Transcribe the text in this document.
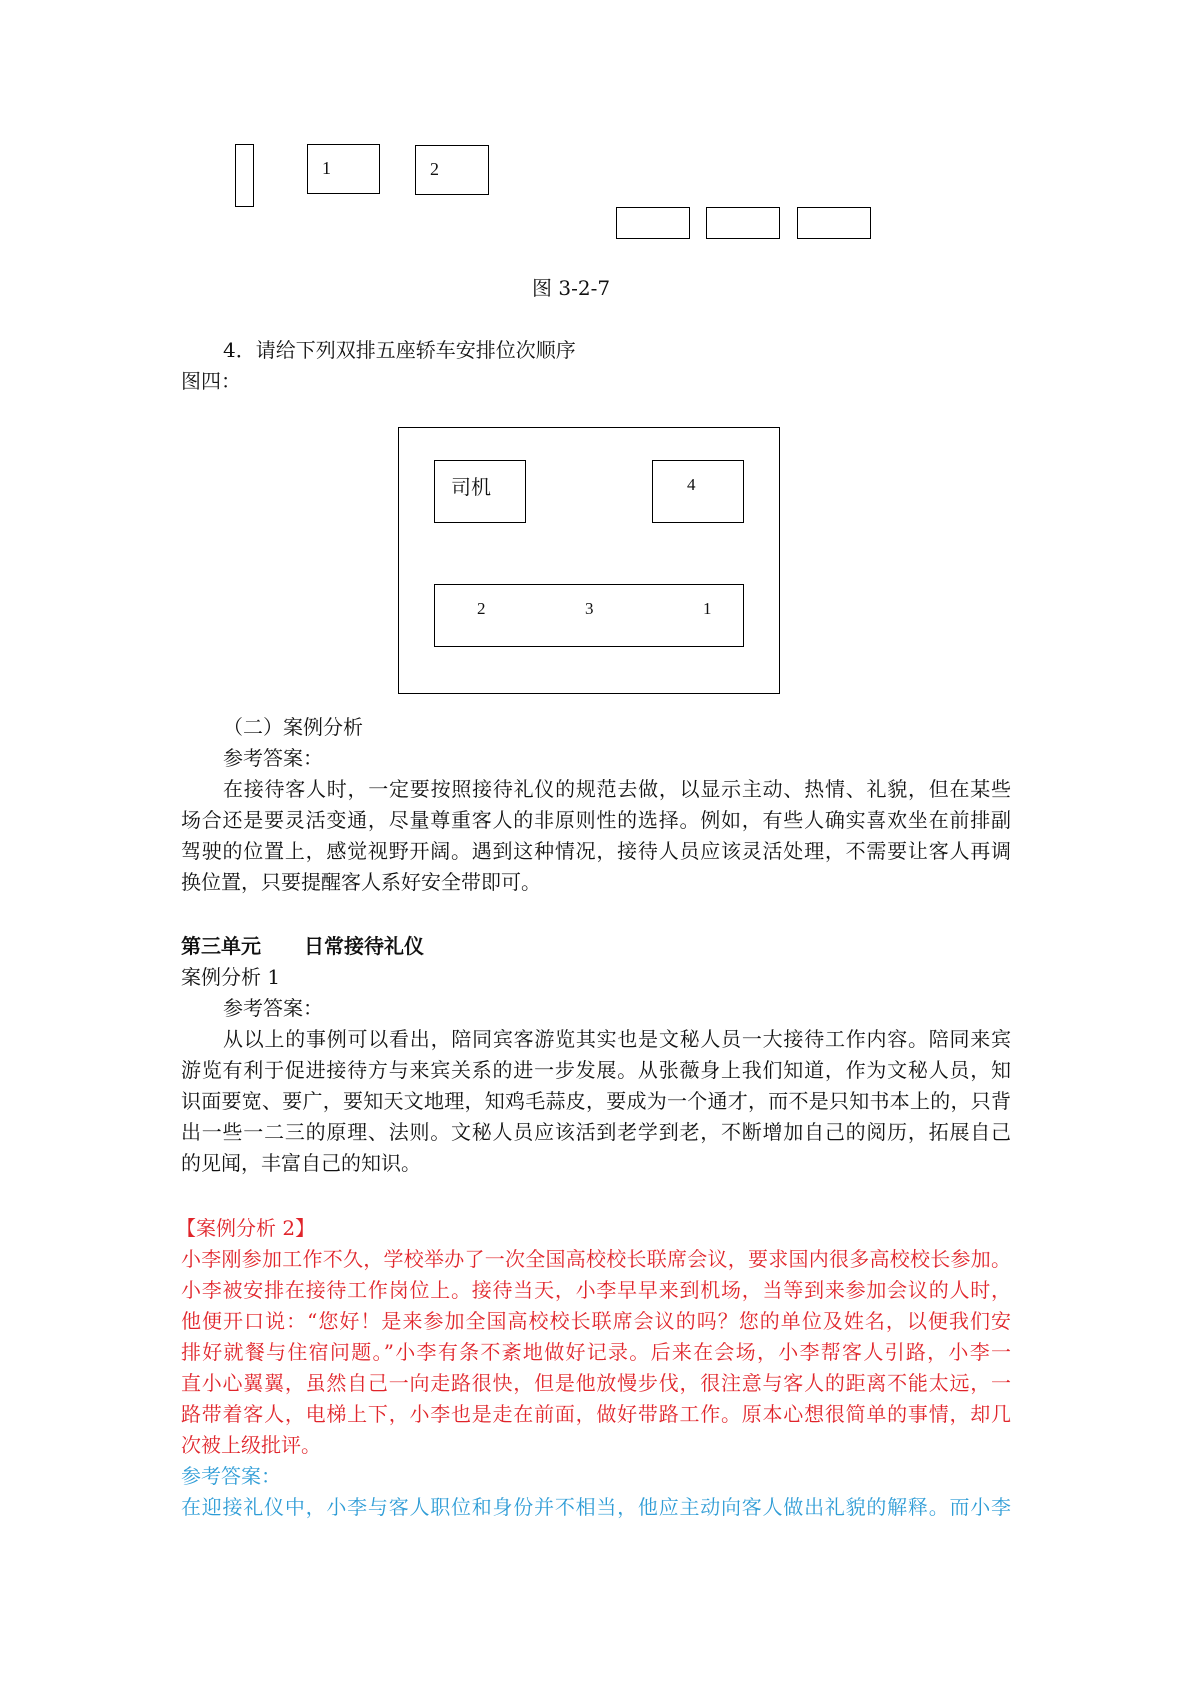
1	2
图 3-2-7
4．请给下列双排五座轿车安排位次顺序
图四：
司机	4
2	3	1
（二）案例分析
参考答案：
在接待客人时，一定要按照接待礼仪的规范去做，以显示主动、热情、礼貌，但在某些
场合还是要灵活变通，尽量尊重客人的非原则性的选择。例如，有些人确实喜欢坐在前排副
驾驶的位置上，感觉视野开阔。遇到这种情况，接待人员应该灵活处理，不需要让客人再调
换位置，只要提醒客人系好安全带即可。
第三单元 日常接待礼仪
案例分析 1
参考答案：
从以上的事例可以看出，陪同宾客游览其实也是文秘人员一大接待工作内容。陪同来宾
游览有利于促进接待方与来宾关系的进一步发展。从张薇身上我们知道，作为文秘人员，知
识面要宽、要广，要知天文地理，知鸡毛蒜皮，要成为一个通才，而不是只知书本上的，只背
出一些一二三的原理、法则。文秘人员应该活到老学到老，不断增加自己的阅历，拓展自己
的见闻，丰富自己的知识。
【案例分析 2】
小李刚参加工作不久，学校举办了一次全国高校校长联席会议，要求国内很多高校校长参加。
小李被安排在接待工作岗位上。接待当天，小李早早来到机场，当等到来参加会议的人时，
他便开口说：“您好！是来参加全国高校校长联席会议的吗？您的单位及姓名，以便我们安
排好就餐与住宿问题。”小李有条不紊地做好记录。后来在会场，小李帮客人引路，小李一
直小心翼翼，虽然自己一向走路很快，但是他放慢步伐，很注意与客人的距离不能太远，一
路带着客人，电梯上下，小李也是走在前面，做好带路工作。原本心想很简单的事情，却几
次被上级批评。
参考答案：
在迎接礼仪中，小李与客人职位和身份并不相当，他应主动向客人做出礼貌的解释。而小李
